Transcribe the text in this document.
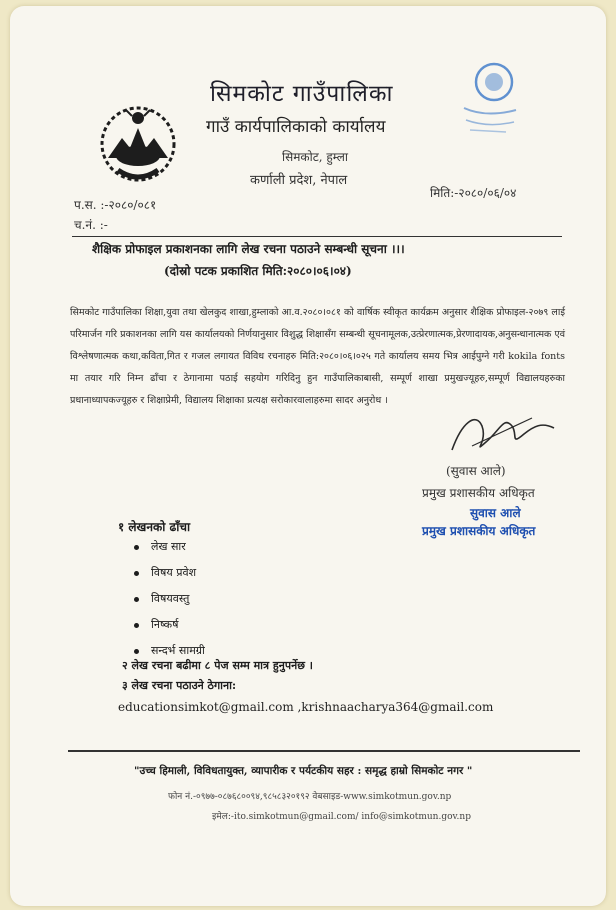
सिमकोट गाउँपालिका
गाउँ कार्यपालिकाको कार्यालय
सिमकोट, हुम्ला
कर्णाली प्रदेश, नेपाल
प.स. :-२०८०/०८१
च.नं. :-
मिति:-२०८०/०६/०४
शैक्षिक प्रोफाइल प्रकाशनका लागि लेख रचना पठाउने सम्बन्धी सूचना ।।।
(दोस्रो पटक प्रकाशित मिति:२०८०।०६।०४)
सिमकोट गाउँपालिका शिक्षा,युवा तथा खेलकुद शाखा,हुम्लाको आ.व.२०८०।०८१ को वार्षिक स्वीकृत कार्यक्रम अनुसार शैक्षिक प्रोफाइल-२०७९ लाई परिमार्जन गरि प्रकाशनका लागि यस कार्यालयको निर्णयानुसार विशुद्ध शिक्षासँग सम्बन्धी सूचनामूलक,उत्प्रेरणात्मक,प्रेरणादायक,अनुसन्धानात्मक एवं विश्लेषणात्मक कथा,कविता,गित र गजल लगायत विविध रचनाहरु मिति:२०८०।०६।०२५ गते कार्यालय समय भित्र आईपुग्ने गरी kokila fonts मा तयार गरि निम्न ढाँचा र ठेगानामा पठाई सहयोग गरिदिनु हुन गाउँपालिकाबासी, सम्पूर्ण शाखा प्रमुखज्यूहरु,सम्पूर्ण विद्यालयहरुका प्रधानाध्यापकज्यूहरु र शिक्षाप्रेमी, विद्यालय शिक्षाका प्रत्यक्ष सरोकारवालाहरुमा सादर अनुरोध ।
(सुवास आले)
प्रमुख प्रशासकीय अधिकृत
सुवास आले
प्रमुख प्रशासकीय अधिकृत
१ लेखनको ढाँचा
लेख सार
विषय प्रवेश
विषयवस्तु
निष्कर्ष
सन्दर्भ सामग्री
२ लेख रचना बढीमा ८ पेज सम्म मात्र हुनुपर्नेछ ।
३ लेख रचना पठाउने ठेगाना:
educationsimkot@gmail.com ,krishnaacharya364@gmail.com
"उच्च हिमाली, विविधतायुक्त, व्यापारीक र पर्यटकीय सहर : समृद्ध हाम्रो सिमकोट नगर "
फोन नं.-०९७७-०८७६८००९४,९८५८३२०१९२ वेबसाइड-www.simkotmun.gov.np
इमेल:-ito.simkotmun@gmail.com/ info@simkotmun.gov.np
